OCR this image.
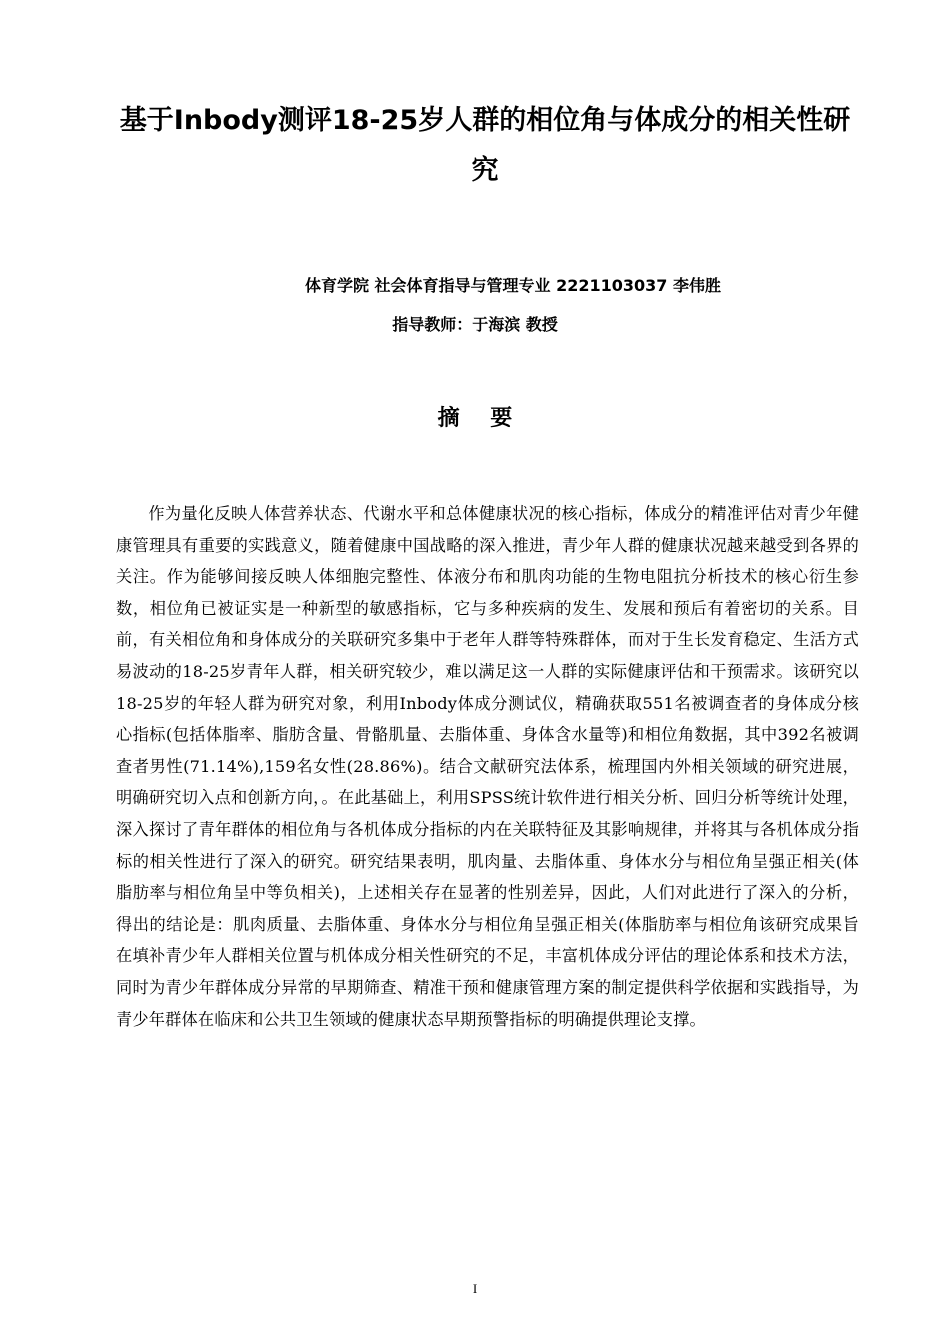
基于Inbody测评18-25岁人群的相位角与体成分的相关性研究
体育学院 社会体育指导与管理专业 2221103037 李伟胜
指导教师：于海滨 教授
摘    要

作为量化反映人体营养状态、代谢水平和总体健康状况的核心指标，体成分的精准评估对青少年健康管理具有重要的实践意义，随着健康中国战略的深入推进，青少年人群的健康状况越来越受到各界的关注。作为能够间接反映人体细胞完整性、体液分布和肌肉功能的生物电阻抗分析技术的核心衍生参数，相位角已被证实是一种新型的敏感指标，它与多种疾病的发生、发展和预后有着密切的关系。目前，有关相位角和身体成分的关联研究多集中于老年人群等特殊群体，而对于生长发育稳定、生活方式易波动的18-25岁青年人群，相关研究较少，难以满足这一人群的实际健康评估和干预需求。该研究以18-25岁的年轻人群为研究对象，利用Inbody体成分测试仪，精确获取551名被调查者的身体成分核心指标(包括体脂率、脂肪含量、骨骼肌量、去脂体重、身体含水量等)和相位角数据，其中392名被调查者男性(71.14%),159名女性(28.86%)。结合文献研究法体系，梳理国内外相关领域的研究进展，明确研究切入点和创新方向，。在此基础上，利用SPSS统计软件进行相关分析、回归分析等统计处理，深入探讨了青年群体的相位角与各机体成分指标的内在关联特征及其影响规律，并将其与各机体成分指标的相关性进行了深入的研究。研究结果表明，肌肉量、去脂体重、身体水分与相位角呈强正相关(体脂肪率与相位角呈中等负相关)，上述相关存在显著的性别差异，因此，人们对此进行了深入的分析，得出的结论是：肌肉质量、去脂体重、身体水分与相位角呈强正相关(体脂肪率与相位角该研究成果旨在填补青少年人群相关位置与机体成分相关性研究的不足，丰富机体成分评估的理论体系和技术方法，同时为青少年群体成分异常的早期筛查、精准干预和健康管理方案的制定提供科学依据和实践指导，为青少年群体在临床和公共卫生领域的健康状态早期预警指标的明确提供理论支撑。

I
